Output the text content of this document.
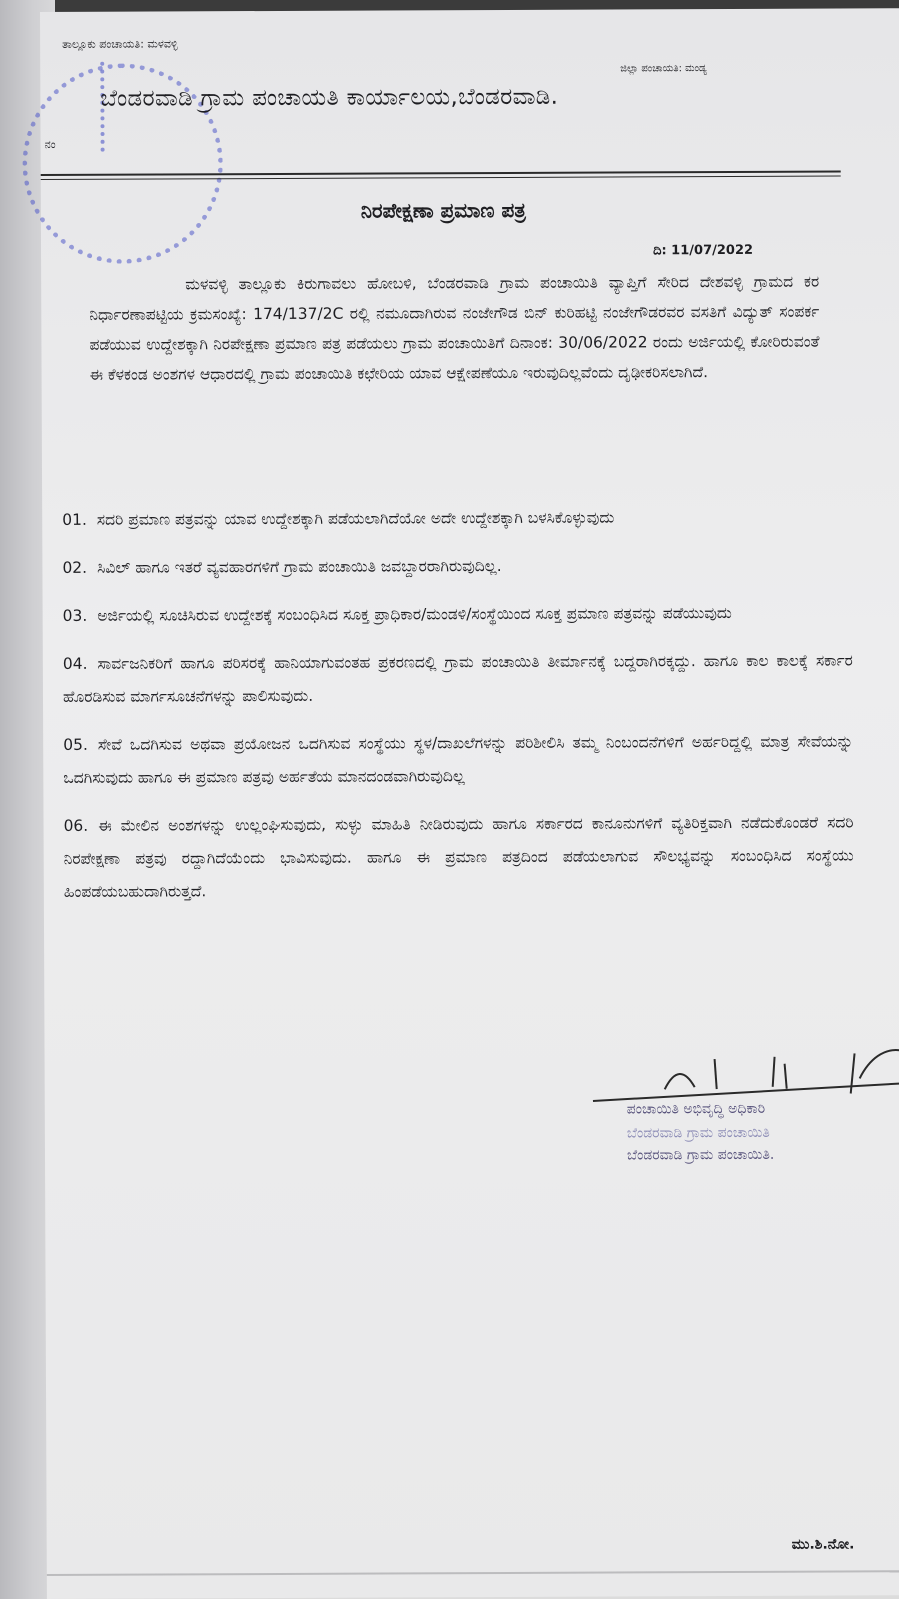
ತಾಲ್ಲೂಕು ಪಂಚಾಯತಿ: ಮಳವಳ್ಳಿ
ಜಿಲ್ಲಾ ಪಂಚಾಯತಿ: ಮಂಡ್ಯ
ಬೆಂಡರವಾಡಿ ಗ್ರಾಮ ಪಂಚಾಯತಿ ಕಾರ್ಯಾಲಯ,ಬೆಂಡರವಾಡಿ.
ನಂ
ನಿರಪೇಕ್ಷಣಾ ಪ್ರಮಾಣ ಪತ್ರ
ದಿ: 11/07/2022
ಮಳವಳ್ಳಿ ತಾಲ್ಲೂಕು ಕಿರುಗಾವಲು ಹೋಬಳಿ, ಬೆಂಡರವಾಡಿ ಗ್ರಾಮ ಪಂಚಾಯಿತಿ ವ್ಯಾಪ್ತಿಗೆ ಸೇರಿದ ದೇಶವಳ್ಳಿ ಗ್ರಾಮದ ಕರ ನಿರ್ಧಾರಣಾಪಟ್ಟಿಯ ಕ್ರಮಸಂಖ್ಯೆ: 174/137/2C ರಲ್ಲಿ ನಮೂದಾಗಿರುವ ನಂಜೇಗೌಡ ಬಿನ್ ಕುರಿಹಟ್ಟಿ ನಂಜೇಗೌಡರವರ ವಸತಿಗೆ ವಿದ್ಯುತ್ ಸಂಪರ್ಕ ಪಡೆಯುವ ಉದ್ದೇಶಕ್ಕಾಗಿ ನಿರಪೇಕ್ಷಣಾ ಪ್ರಮಾಣ ಪತ್ರ ಪಡೆಯಲು ಗ್ರಾಮ ಪಂಚಾಯಿತಿಗೆ ದಿನಾಂಕ: 30/06/2022 ರಂದು ಅರ್ಜಿಯಲ್ಲಿ ಕೋರಿರುವಂತೆ ಈ ಕೆಳಕಂಡ ಅಂಶಗಳ ಆಧಾರದಲ್ಲಿ ಗ್ರಾಮ ಪಂಚಾಯಿತಿ ಕಛೇರಿಯ ಯಾವ ಆಕ್ಷೇಪಣೆಯೂ ಇರುವುದಿಲ್ಲವೆಂದು ದೃಢೀಕರಿಸಲಾಗಿದೆ.
01. ಸದರಿ ಪ್ರಮಾಣ ಪತ್ರವನ್ನು ಯಾವ ಉದ್ದೇಶಕ್ಕಾಗಿ ಪಡೆಯಲಾಗಿದೆಯೋ ಅದೇ ಉದ್ದೇಶಕ್ಕಾಗಿ ಬಳಸಿಕೊಳ್ಳುವುದು
02. ಸಿವಿಲ್ ಹಾಗೂ ಇತರೆ ವ್ಯವಹಾರಗಳಿಗೆ ಗ್ರಾಮ ಪಂಚಾಯಿತಿ ಜವಬ್ದಾರರಾಗಿರುವುದಿಲ್ಲ.
03. ಅರ್ಜಿಯಲ್ಲಿ ಸೂಚಿಸಿರುವ ಉದ್ದೇಶಕ್ಕೆ ಸಂಬಂಧಿಸಿದ ಸೂಕ್ತ ಪ್ರಾಧಿಕಾರ/ಮಂಡಳಿ/ಸಂಸ್ಥೆಯಿಂದ ಸೂಕ್ತ ಪ್ರಮಾಣ ಪತ್ರವನ್ನು ಪಡೆಯುವುದು
04. ಸಾರ್ವಜನಿಕರಿಗೆ ಹಾಗೂ ಪರಿಸರಕ್ಕೆ ಹಾನಿಯಾಗುವಂತಹ ಪ್ರಕರಣದಲ್ಲಿ ಗ್ರಾಮ ಪಂಚಾಯಿತಿ ತೀರ್ಮಾನಕ್ಕೆ ಬದ್ದರಾಗಿರಕ್ಕದ್ದು. ಹಾಗೂ ಕಾಲ ಕಾಲಕ್ಕೆ ಸರ್ಕಾರ ಹೊರಡಿಸುವ ಮಾರ್ಗಸೂಚನೆಗಳನ್ನು ಪಾಲಿಸುವುದು.
05. ಸೇವೆ ಒದಗಿಸುವ ಅಥವಾ ಪ್ರಯೋಜನ ಒದಗಿಸುವ ಸಂಸ್ಥೆಯು ಸ್ಥಳ/ದಾಖಲೆಗಳನ್ನು ಪರಿಶೀಲಿಸಿ ತಮ್ಮ ನಿಂಬಂದನೆಗಳಿಗೆ ಅರ್ಹರಿದ್ದಲ್ಲಿ ಮಾತ್ರ ಸೇವೆಯನ್ನು ಒದಗಿಸುವುದು ಹಾಗೂ ಈ ಪ್ರಮಾಣ ಪತ್ರವು ಅರ್ಹತೆಯ ಮಾನದಂಡವಾಗಿರುವುದಿಲ್ಲ
06. ಈ ಮೇಲಿನ ಅಂಶಗಳನ್ನು ಉಲ್ಲಂಘಿಸುವುದು, ಸುಳ್ಳು ಮಾಹಿತಿ ನೀಡಿರುವುದು ಹಾಗೂ ಸರ್ಕಾರದ ಕಾನೂನುಗಳಿಗೆ ವ್ಯತಿರಿಕ್ತವಾಗಿ ನಡೆದುಕೊಂಡರೆ ಸದರಿ ನಿರಪೇಕ್ಷಣಾ ಪತ್ರವು ರದ್ದಾಗಿದೆಯೆಂದು ಭಾವಿಸುವುದು. ಹಾಗೂ ಈ ಪ್ರಮಾಣ ಪತ್ರದಿಂದ ಪಡೆಯಲಾಗುವ ಸೌಲಭ್ಯವನ್ನು ಸಂಬಂಧಿಸಿದ ಸಂಸ್ಥೆಯು ಹಿಂಪಡೆಯಬಹುದಾಗಿರುತ್ತದೆ.
ಪಂಚಾಯಿತಿ ಅಭಿವೃದ್ಧಿ ಅಧಿಕಾರಿ
ಬೆಂಡರವಾಡಿ ಗ್ರಾಮ ಪಂಚಾಯಿತಿ
ಬೆಂಡರವಾಡಿ ಗ್ರಾಮ ಪಂಚಾಯಿತಿ.
ಮು.ಶಿ.ನೋ.
